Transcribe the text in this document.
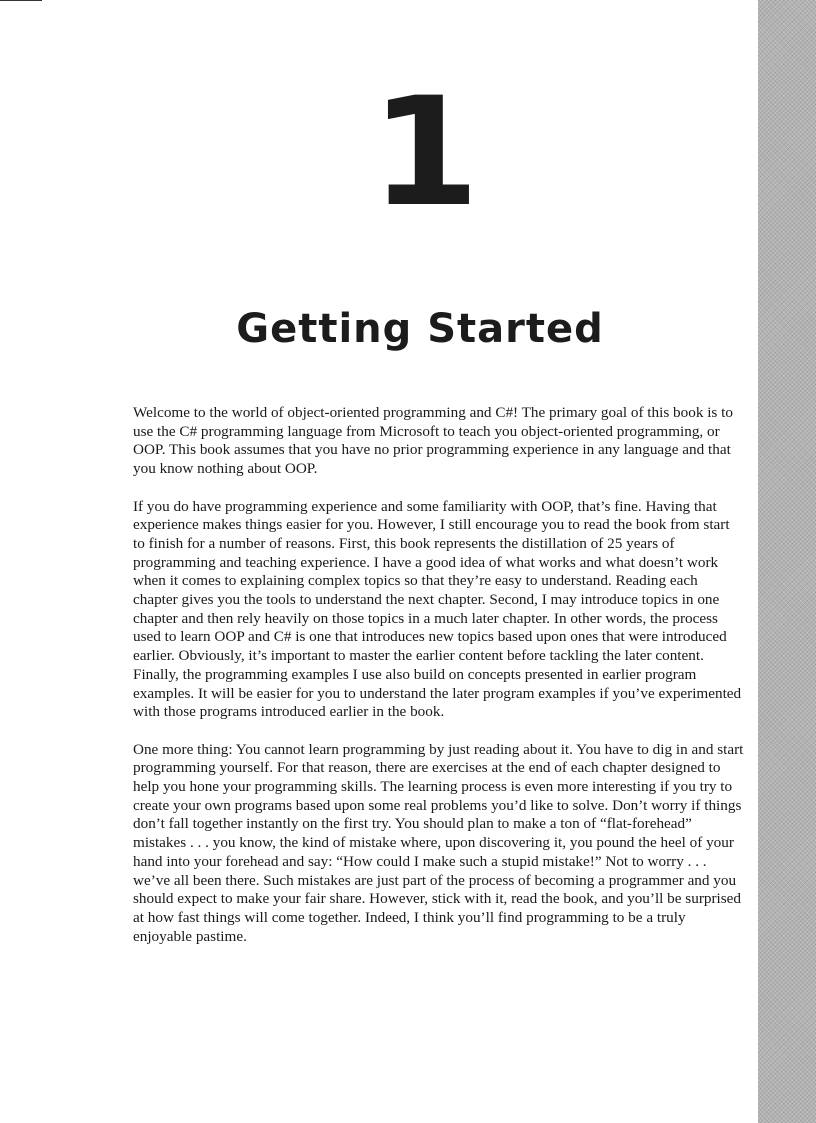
1
Getting Started

Welcome to the world of object-oriented programming and C#! The primary goal of this book is to use the C# programming language from Microsoft to teach you object-oriented programming, or OOP. This book assumes that you have no prior programming experience in any language and that you know nothing about OOP.

If you do have programming experience and some familiarity with OOP, that’s fine. Having that experience makes things easier for you. However, I still encourage you to read the book from start to finish for a number of reasons. First, this book represents the distillation of 25 years of programming and teaching experience. I have a good idea of what works and what doesn’t work when it comes to explaining complex topics so that they’re easy to understand. Reading each chapter gives you the tools to understand the next chapter. Second, I may introduce topics in one chapter and then rely heavily on those topics in a much later chapter. In other words, the process used to learn OOP and C# is one that introduces new topics based upon ones that were introduced earlier. Obviously, it’s important to master the earlier content before tackling the later content. Finally, the programming examples I use also build on concepts presented in earlier program examples. It will be easier for you to understand the later program examples if you’ve experimented with those programs introduced earlier in the book.

One more thing: You cannot learn programming by just reading about it. You have to dig in and start programming yourself. For that reason, there are exercises at the end of each chapter designed to help you hone your programming skills. The learning process is even more interesting if you try to create your own programs based upon some real problems you’d like to solve. Don’t worry if things don’t fall together instantly on the first try. You should plan to make a ton of “flat-forehead” mistakes . . . you know, the kind of mistake where, upon discovering it, you pound the heel of your hand into your forehead and say: “How could I make such a stupid mistake!” Not to worry . . . we’ve all been there. Such mistakes are just part of the process of becoming a programmer and you should expect to make your fair share. However, stick with it, read the book, and you’ll be surprised at how fast things will come together. Indeed, I think you’ll find programming to be a truly enjoyable pastime.
